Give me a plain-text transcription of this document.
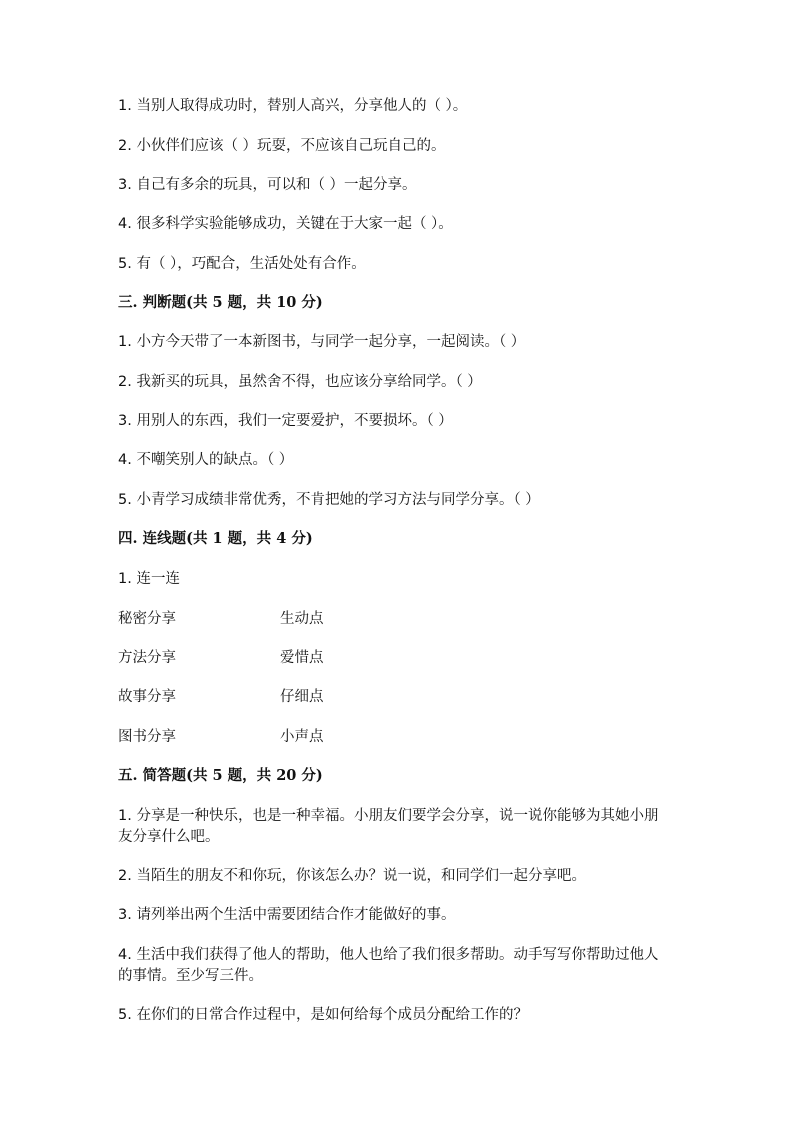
1. 当别人取得成功时，替别人高兴，分享他人的（ ）。
2. 小伙伴们应该（ ）玩耍，不应该自己玩自己的。
3. 自己有多余的玩具，可以和（ ）一起分享。
4. 很多科学实验能够成功，关键在于大家一起（ ）。
5. 有（ ），巧配合，生活处处有合作。
三. 判断题(共 5 题，共 10 分)
1. 小方今天带了一本新图书，与同学一起分享，一起阅读。（ ）
2. 我新买的玩具，虽然舍不得，也应该分享给同学。（ ）
3. 用别人的东西，我们一定要爱护，不要损坏。（ ）
4. 不嘲笑别人的缺点。（ ）
5. 小青学习成绩非常优秀，不肯把她的学习方法与同学分享。（ ）
四. 连线题(共 1 题，共 4 分)
1. 连一连
秘密分享	生动点
方法分享	爱惜点
故事分享	仔细点
图书分享	小声点
五. 简答题(共 5 题，共 20 分)
1. 分享是一种快乐，也是一种幸福。小朋友们要学会分享，说一说你能够为其她小朋友分享什么吧。
2. 当陌生的朋友不和你玩，你该怎么办？说一说，和同学们一起分享吧。
3. 请列举出两个生活中需要团结合作才能做好的事。
4. 生活中我们获得了他人的帮助，他人也给了我们很多帮助。动手写写你帮助过他人的事情。至少写三件。
5. 在你们的日常合作过程中，是如何给每个成员分配给工作的？
